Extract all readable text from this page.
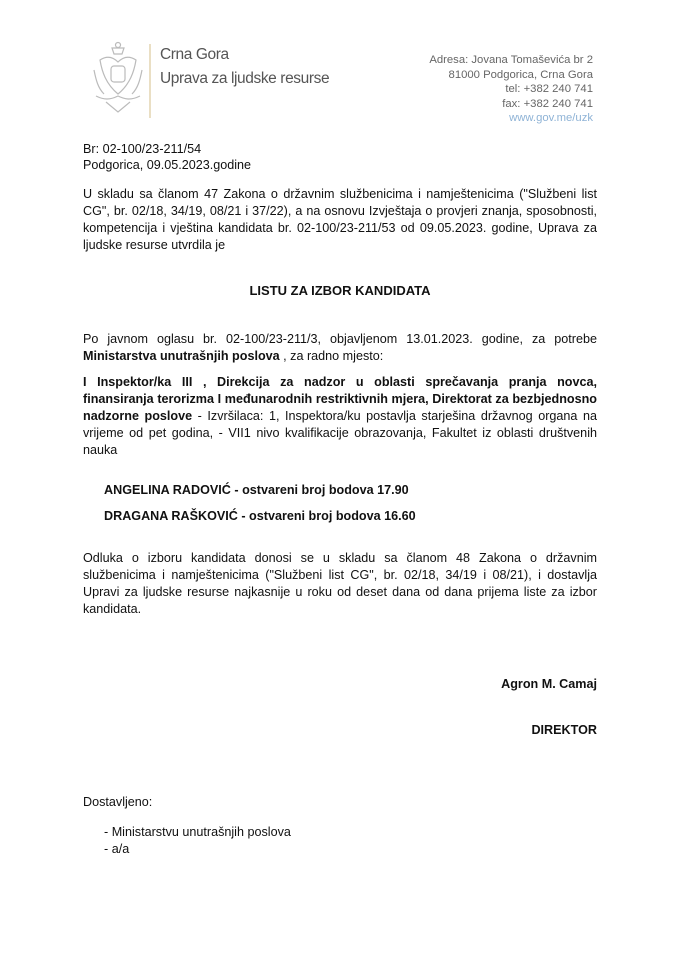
Crna Gora
Uprava za ljudske resurse
Adresa: Jovana Tomaševića br 2
81000 Podgorica, Crna Gora
tel: +382 240 741
fax: +382 240 741
www.gov.me/uzk
Br: 02-100/23-211/54
Podgorica, 09.05.2023.godine
U skladu sa članom 47 Zakona o državnim službenicima i namještenicima ("Službeni list
CG", br. 02/18, 34/19, 08/21 i 37/22), a na osnovu Izvještaja o provjeri znanja, sposobnosti,
kompetencija i vještina kandidata br. 02-100/23-211/53 od 09.05.2023. godine, Uprava za
ljudske resurse utvrdila je
LISTU ZA IZBOR KANDIDATA
Po javnom oglasu br. 02-100/23-211/3, objavljenom 13.01.2023. godine, za potrebe
Ministarstva unutrašnjih poslova , za radno mjesto:
I Inspektor/ka III , Direkcija za nadzor u oblasti sprečavanja pranja novca,
finansiranja terorizma I međunarodnih restriktivnih mjera, Direktorat za bezbjednosno
nadzorne poslove - Izvršilaca: 1, Inspektora/ku postavlja starješina državnog organa na
vrijeme od pet godina, - VII1 nivo kvalifikacije obrazovanja, Fakultet iz oblasti društvenih
nauka
ANGELINA RADOVIĆ - ostvareni broj bodova 17.90
DRAGANA RAŠKOVIĆ - ostvareni broj bodova 16.60
Odluka o izboru kandidata donosi se u skladu sa članom 48 Zakona o državnim
službenicima i namještenicima ("Službeni list CG", br. 02/18, 34/19 i 08/21), i dostavlja
Upravi za ljudske resurse najkasnije u roku od deset dana od dana prijema liste za izbor
kandidata.
Agron M. Camaj
DIREKTOR
Dostavljeno:
- Ministarstvu unutrašnjih poslova
- a/a
